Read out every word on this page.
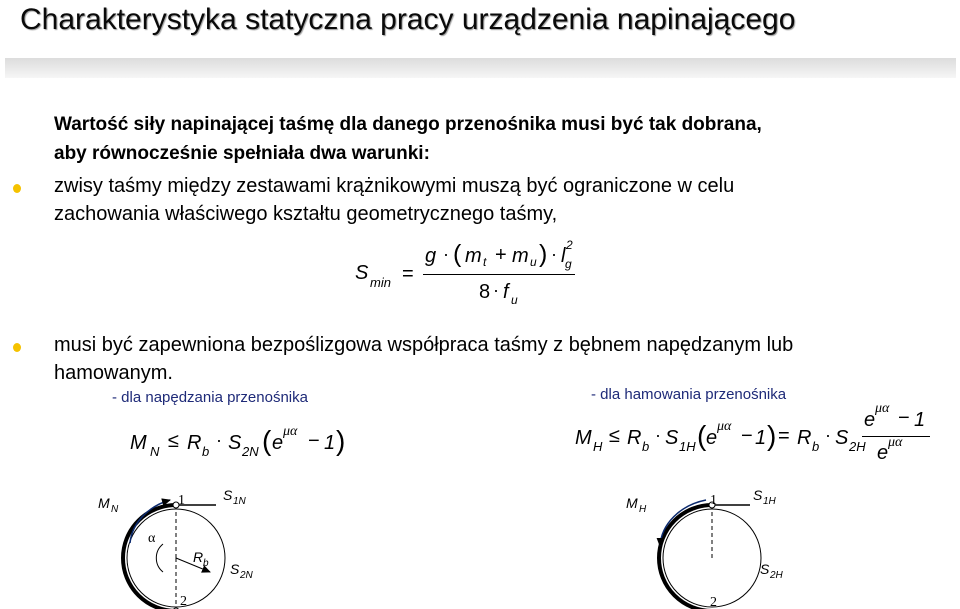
Charakterystyka statyczna pracy urządzenia napinającego
Wartość siły napinającej taśmę dla danego przenośnika musi być tak dobrana,
aby równocześnie spełniała dwa warunki:
zwisy taśmy między zestawami krążnikowymi muszą być ograniczone w celu
zachowania właściwego kształtu geometrycznego taśmy,
S min =
g · ( m t + m u ) · l 2
g
8 · f u
musi być zapewniona bezpoślizgowa współpraca taśmy z bębnem napędzanym lub
hamowanym.
- dla napędzania przenośnika	- dla hamowania przenośnika
M N ≤ R b
· S 2N ( e
μα − 1 )	M H ≤ R b
· S 1H ( e
μα − 1 ) = R b
· S 2H
e
μα − 1
e μα
M N
1
2
S 1N
S 2N
α
R b
M H
1
2
S 1H
S 2H
